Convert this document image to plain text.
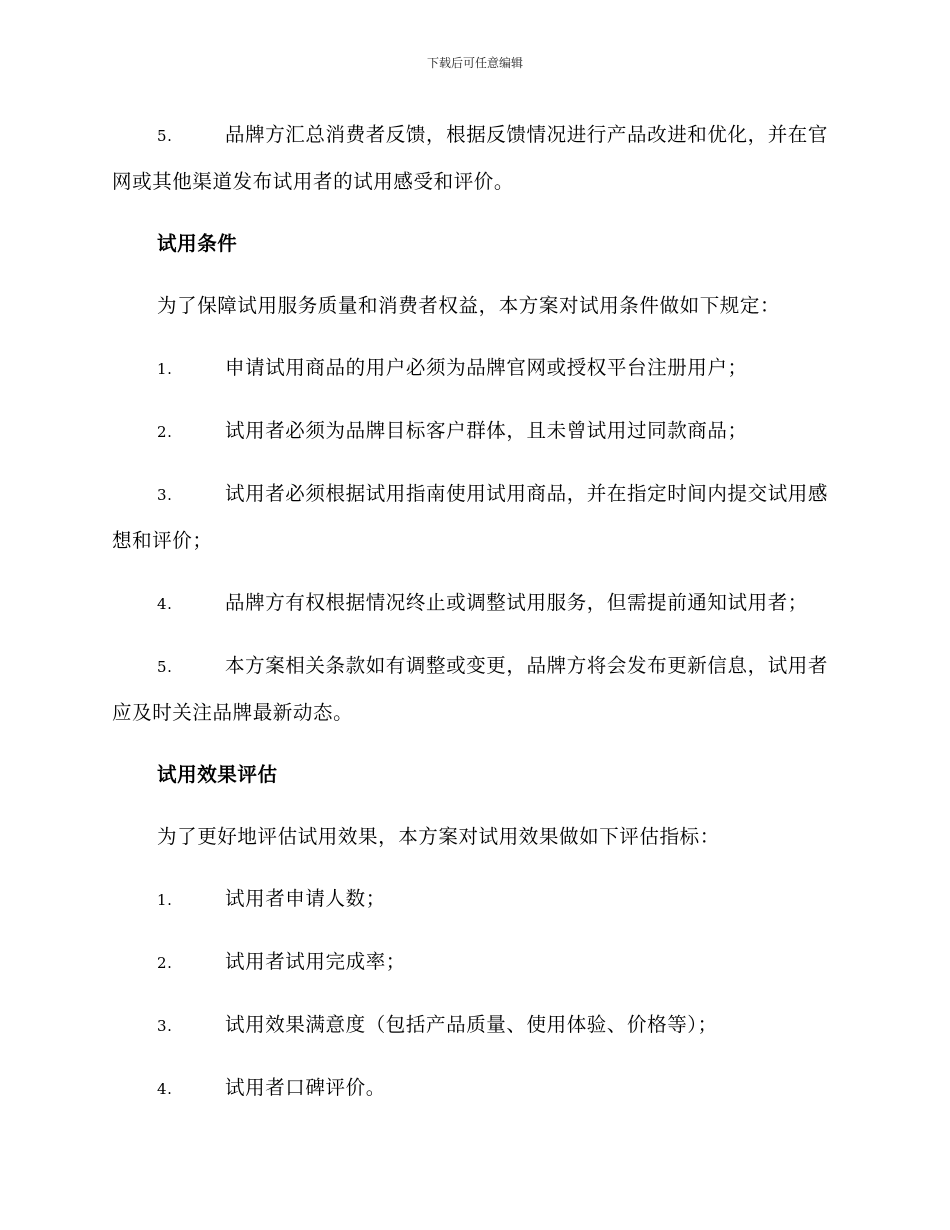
下载后可任意编辑

5.	品牌方汇总消费者反馈，根据反馈情况进行产品改进和优化，并在官网或其他渠道发布试用者的试用感受和评价。

试用条件

为了保障试用服务质量和消费者权益，本方案对试用条件做如下规定：

1.	申请试用商品的用户必须为品牌官网或授权平台注册用户；

2.	试用者必须为品牌目标客户群体，且未曾试用过同款商品；

3.	试用者必须根据试用指南使用试用商品，并在指定时间内提交试用感想和评价；

4.	品牌方有权根据情况终止或调整试用服务，但需提前通知试用者；

5.	本方案相关条款如有调整或变更，品牌方将会发布更新信息，试用者应及时关注品牌最新动态。

试用效果评估

为了更好地评估试用效果，本方案对试用效果做如下评估指标：

1.	试用者申请人数；

2.	试用者试用完成率；

3.	试用效果满意度（包括产品质量、使用体验、价格等）；

4.	试用者口碑评价。
